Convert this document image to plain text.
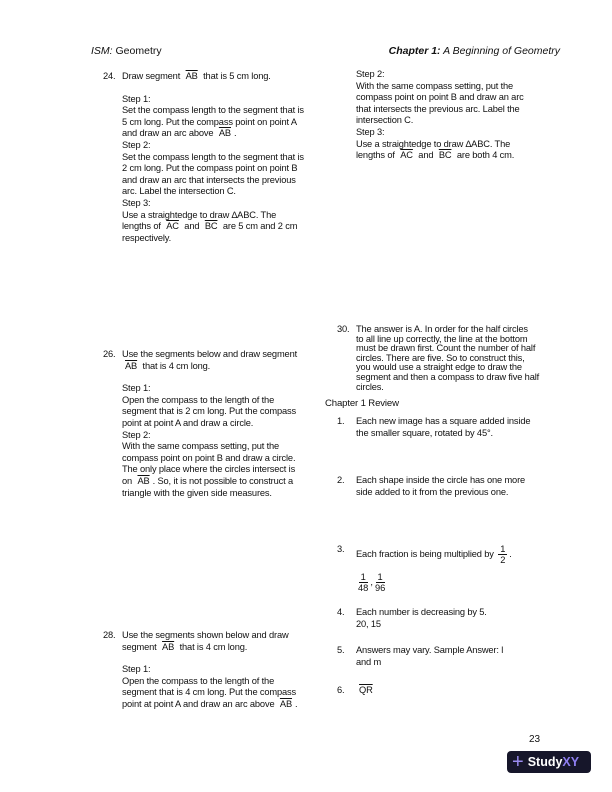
ISM: Geometry	Chapter 1: A Beginning of Geometry
24. Draw segment $\overline{AB}$ that is 5 cm long.
Step 1:
Set the compass length to the segment that is
5 cm long. Put the compass point on point A
and draw an arc above $\overline{AB}$ .
Step 2:
Set the compass length to the segment that is
2 cm long. Put the compass point on point B
and draw an arc that intersects the previous
arc. Label the intersection C.
Step 3:
Use a straightedge to draw ∆ABC. The
lengths of $\overline{AC}$ and $\overline{BC}$ are 5 cm and 2 cm
respectively.
Step 2:
With the same compass setting, put the
compass point on point B and draw an arc
that intersects the previous arc. Label the
intersection C.
Step 3:
Use a straightedge to draw ∆ABC. The
lengths of $\overline{AC}$ and $\overline{BC}$ are both 4 cm.
26. Use the segments below and draw segment
$\overline{AB}$ that is 4 cm long.
Step 1:
Open the compass to the length of the
segment that is 2 cm long. Put the compass
point at point A and draw a circle.
Step 2:
With the same compass setting, put the
compass point on point B and draw a circle.
The only place where the circles intersect is
on $\overline{AB}$ . So, it is not possible to construct a
triangle with the given side measures.
28. Use the segments shown below and draw
segment $\overline{AB}$ that is 4 cm long.
Step 1:
Open the compass to the length of the
segment that is 4 cm long. Put the compass
point at point A and draw an arc above $\overline{AB}$ .
30. The answer is A. In order for the half circles
to all line up correctly, the line at the bottom
must be drawn first. Count the number of half
circles. There are five. So to construct this,
you would use a straight edge to draw the
segment and then a compass to draw five half
circles.
Chapter 1 Review
1. Each new image has a square added inside
the smaller square, rotated by 45°.
2. Each shape inside the circle has one more
side added to it from the previous one.
3. Each fraction is being multiplied by $\frac{1}{2}$ .
4. Each number is decreasing by 5.
20, 15
5. Answers may vary. Sample Answer: l
and m
6.	$\overline{QR}$
$\frac{1}{48}$ , $\frac{1}{96}$
23
+ Study XY
